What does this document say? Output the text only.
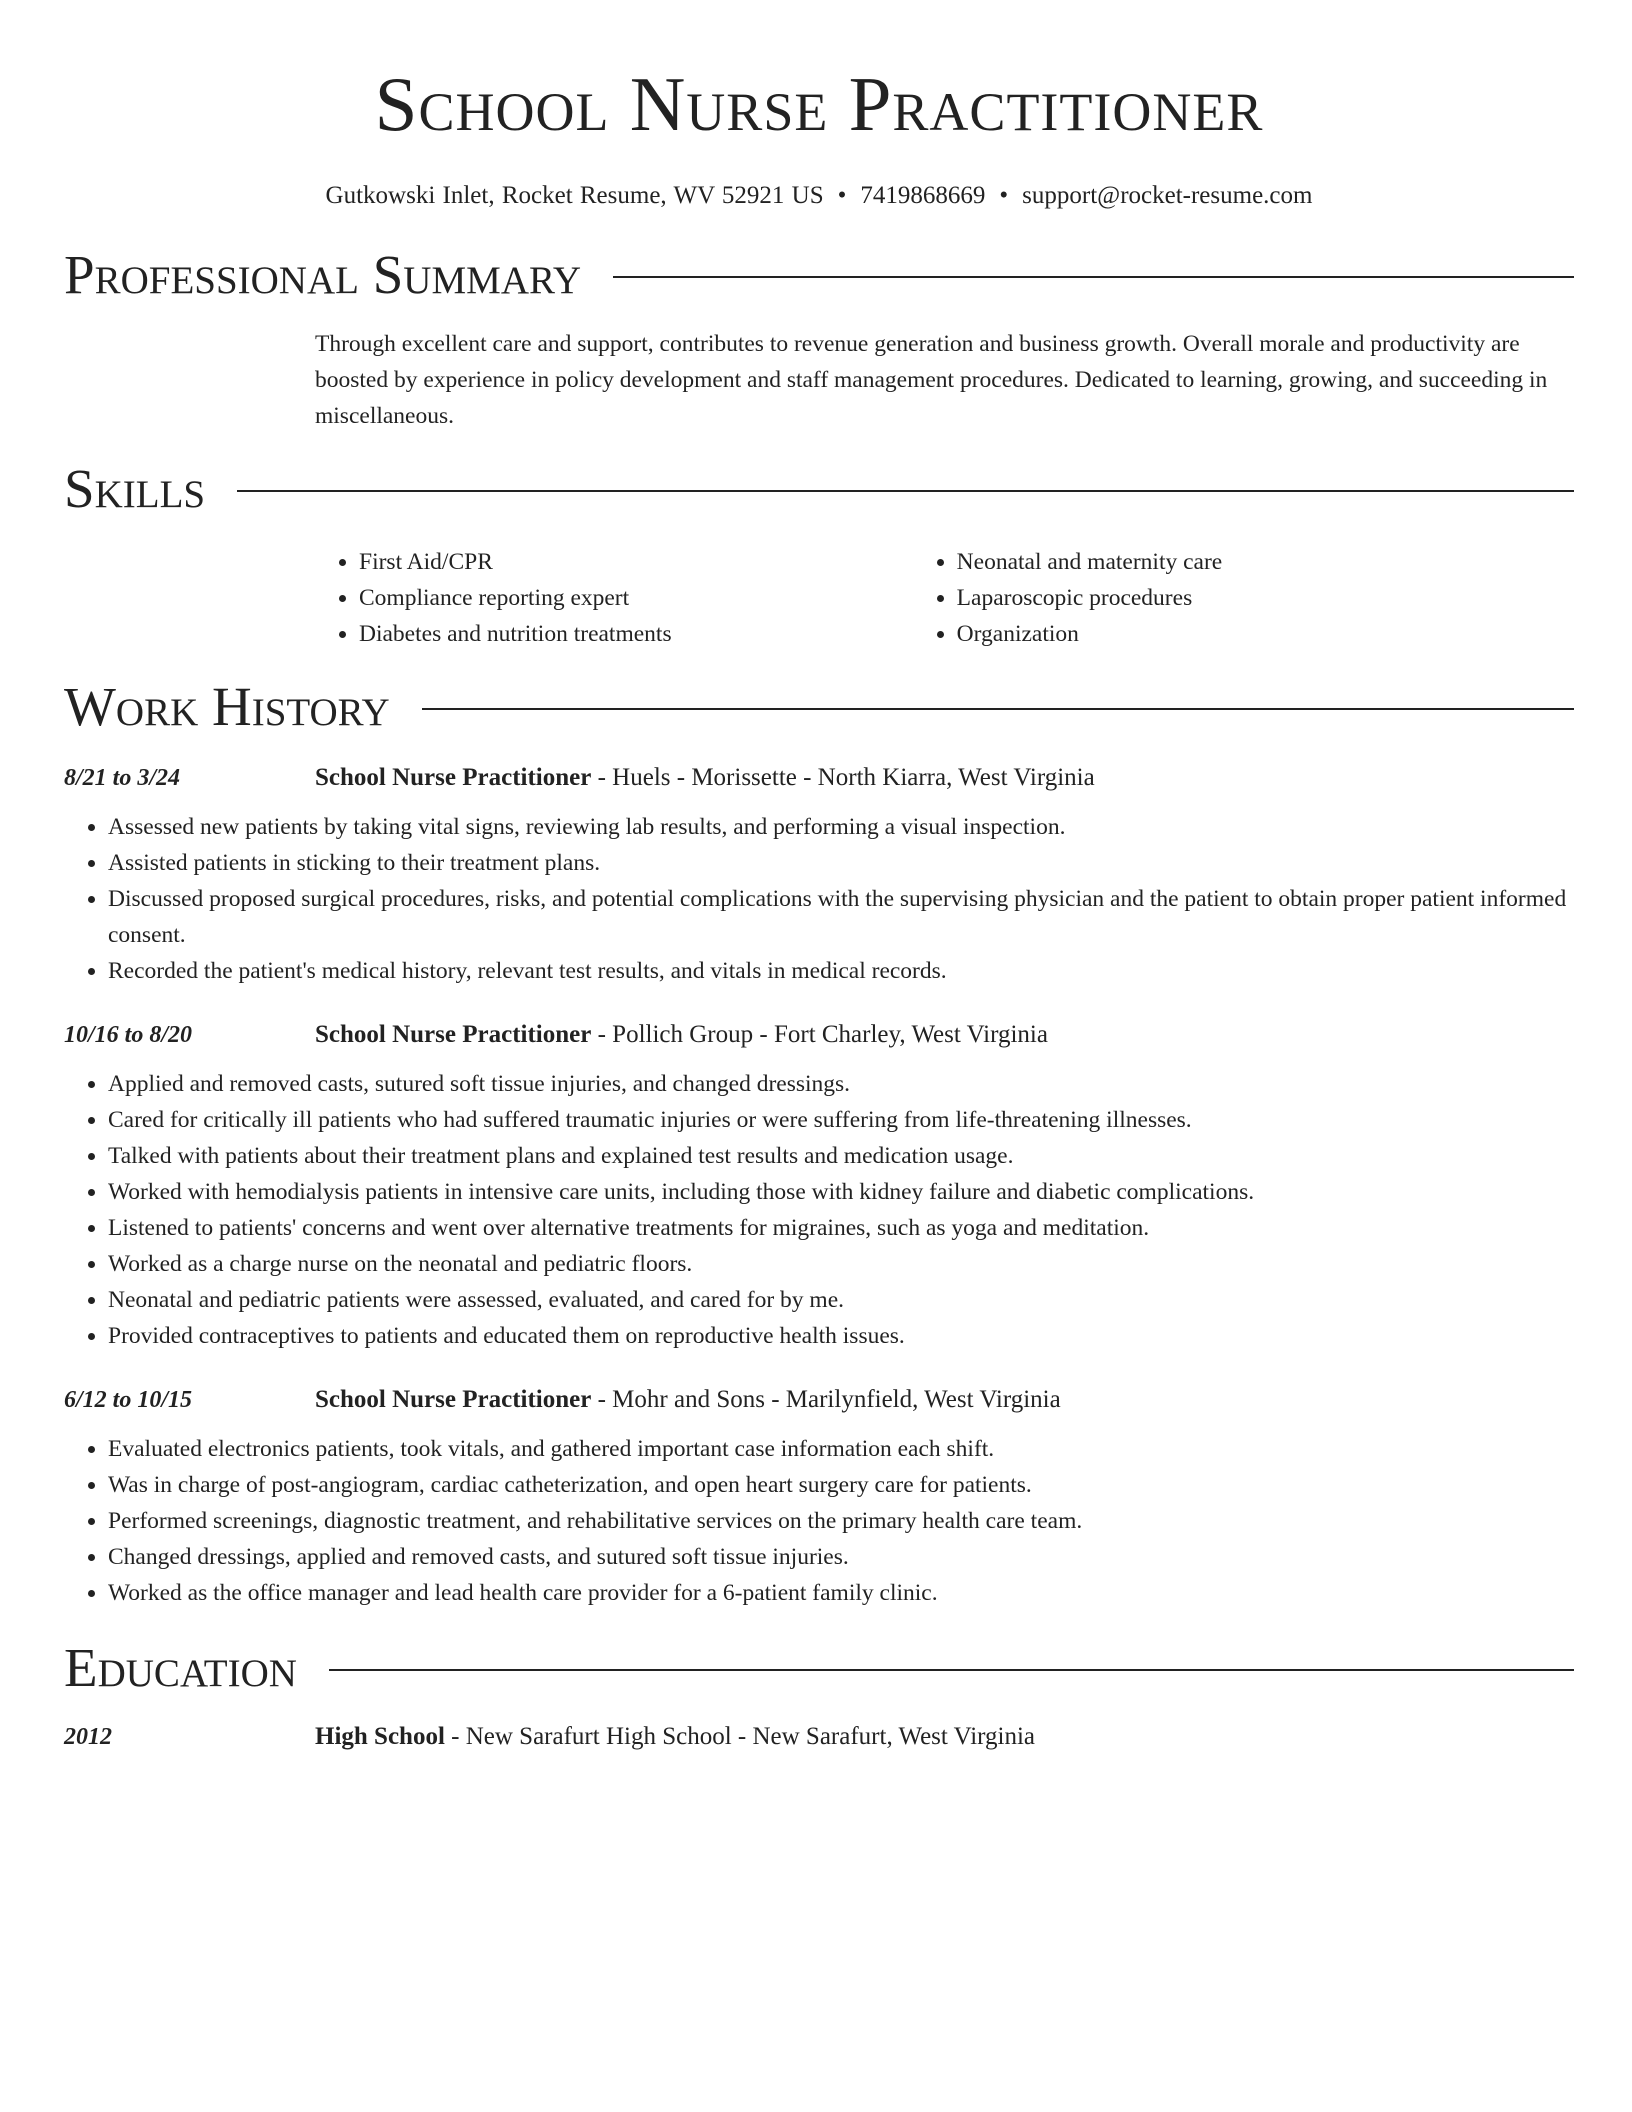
School Nurse Practitioner
Gutkowski Inlet, Rocket Resume, WV 52921 US • 7419868669 • support@rocket-resume.com
Professional Summary
Through excellent care and support, contributes to revenue generation and business growth. Overall morale and productivity are boosted by experience in policy development and staff management procedures. Dedicated to learning, growing, and succeeding in miscellaneous.
Skills
• First Aid/CPR
• Compliance reporting expert
• Diabetes and nutrition treatments
• Neonatal and maternity care
• Laparoscopic procedures
• Organization
Work History
8/21 to 3/24	School Nurse Practitioner - Huels - Morissette - North Kiarra, West Virginia
• Assessed new patients by taking vital signs, reviewing lab results, and performing a visual inspection.
• Assisted patients in sticking to their treatment plans.
• Discussed proposed surgical procedures, risks, and potential complications with the supervising physician and the patient to obtain proper patient informed consent.
• Recorded the patient's medical history, relevant test results, and vitals in medical records.
10/16 to 8/20	School Nurse Practitioner - Pollich Group - Fort Charley, West Virginia
• Applied and removed casts, sutured soft tissue injuries, and changed dressings.
• Cared for critically ill patients who had suffered traumatic injuries or were suffering from life-threatening illnesses.
• Talked with patients about their treatment plans and explained test results and medication usage.
• Worked with hemodialysis patients in intensive care units, including those with kidney failure and diabetic complications.
• Listened to patients' concerns and went over alternative treatments for migraines, such as yoga and meditation.
• Worked as a charge nurse on the neonatal and pediatric floors.
• Neonatal and pediatric patients were assessed, evaluated, and cared for by me.
• Provided contraceptives to patients and educated them on reproductive health issues.
6/12 to 10/15	School Nurse Practitioner - Mohr and Sons - Marilynfield, West Virginia
• Evaluated electronics patients, took vitals, and gathered important case information each shift.
• Was in charge of post-angiogram, cardiac catheterization, and open heart surgery care for patients.
• Performed screenings, diagnostic treatment, and rehabilitative services on the primary health care team.
• Changed dressings, applied and removed casts, and sutured soft tissue injuries.
• Worked as the office manager and lead health care provider for a 6-patient family clinic.
Education
2012	High School - New Sarafurt High School - New Sarafurt, West Virginia
